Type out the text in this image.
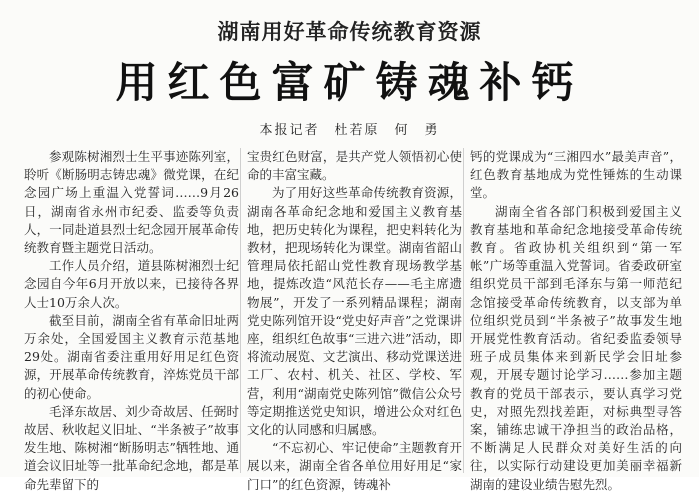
湖南用好革命传统教育资源
用红色富矿铸魂补钙
本报记者　杜若原　何　勇

参观陈树湘烈士生平事迹陈列室，聆听《断肠明志铸忠魂》微党课，在纪念园广场上重温入党誓词……9月26日，湖南省永州市纪委、监委等负责人，一同赴道县烈士纪念园开展革命传统教育暨主题党日活动。

工作人员介绍，道县陈树湘烈士纪念园自今年6月开放以来，已接待各界人士10万余人次。

截至目前，湖南全省有革命旧址两万余处，全国爱国主义教育示范基地29处。湖南省委注重用好用足红色资源，开展革命传统教育，淬炼党员干部的初心使命。

毛泽东故居、刘少奇故居、任弼时故居、秋收起义旧址、“半条被子”故事发生地、陈树湘“断肠明志”牺牲地、通道会议旧址等一批革命纪念地，都是革命先辈留下的

宝贵红色财富，是共产党人领悟初心使命的丰富宝藏。

为了用好这些革命传统教育资源，湖南各革命纪念地和爱国主义教育基地，把历史转化为课程，把史料转化为教材，把现场转化为课堂。湖南省韶山管理局依托韶山党性教育现场教学基地，提炼改造“风范长存——毛主席遗物展”，开发了一系列精品课程；湖南党史陈列馆开设“党史好声音”之党课讲座，组织红色故事“三进六进”活动，即将流动展览、文艺演出、移动党课送进工厂、农村、机关、社区、学校、军营，利用“湖南党史陈列馆”微信公众号等定期推送党史知识，增进公众对红色文化的认同感和归属感。

“不忘初心、牢记使命”主题教育开展以来，湖南全省各单位用好用足“家门口”的红色资源，铸魂补

钙的党课成为“三湘四水”最美声音”，红色教育基地成为党性锤炼的生动课堂。

湖南全省各部门积极到爱国主义教育基地和革命纪念地接受革命传统教育。省政协机关组织到“第一军帐”广场等重温入党誓词。省委政研室组织党员干部到毛泽东与第一师范纪念馆接受革命传统教育，以支部为单位组织党员到“半条被子”故事发生地开展党性教育活动。省纪委监委领导班子成员集体来到新民学会旧址参观，开展专题讨论学习……参加主题教育的党员干部表示，要认真学习党史，对照先烈找差距，对标典型寻答案，铺练忠诚干净担当的政治品格，不断满足人民群众对美好生活的向往，以实际行动建设更加美丽幸福新湖南的建设业绩告慰先烈。
